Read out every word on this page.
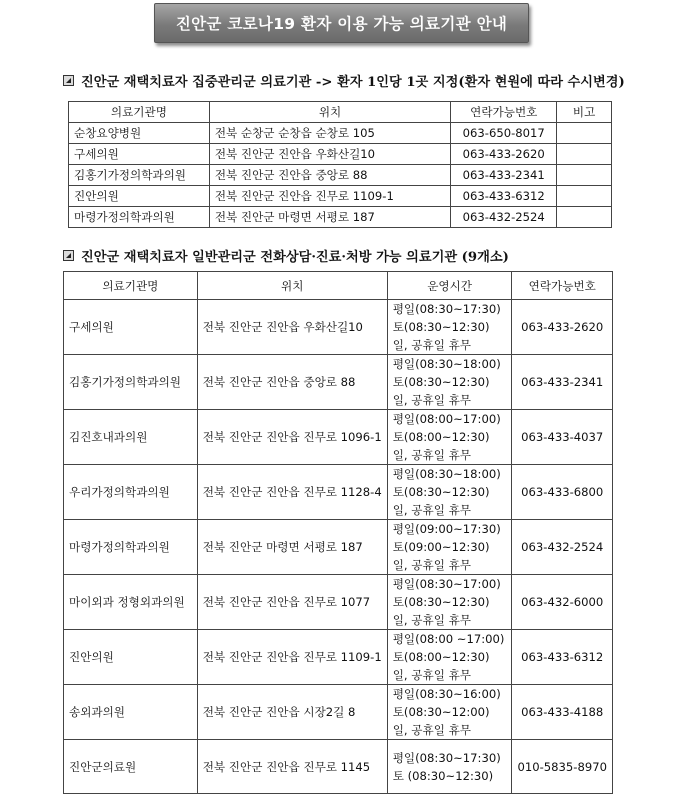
진안군 코로나19 환자 이용 가능 의료기관 안내
진안군 재택치료자 집중관리군 의료기관 -> 환자 1인당 1곳 지정(환자 현원에 따라 수시변경)
의료기관명	위치	연락가능번호	비고
순창요양병원	전북 순창군 순창읍 순창로 105	063-650-8017	
구세의원	전북 진안군 진안읍 우화산길10	063-433-2620	
김홍기가정의학과의원	전북 진안군 진안읍 중앙로 88	063-433-2341	
진안의원	전북 진안군 진안읍 진무로 1109-1	063-433-6312	
마령가정의학과의원	전북 진안군 마령면 서평로 187	063-432-2524	
진안군 재택치료자 일반관리군 전화상담·진료·처방 가능 의료기관 (9개소)
의료기관명	위치	운영시간	연락가능번호
구세의원	전북 진안군 진안읍 우화산길10	평일(08:30~17:30)
토(08:30~12:30)
일, 공휴일 휴무	063-433-2620
김홍기가정의학과의원	전북 진안군 진안읍 중앙로 88	평일(08:30~18:00)
토(08:30~12:30)
일, 공휴일 휴무	063-433-2341
김진호내과의원	전북 진안군 진안읍 진무로 1096-1	평일(08:00~17:00)
토(08:00~12:30)
일, 공휴일 휴무	063-433-4037
우리가정의학과의원	전북 진안군 진안읍 진무로 1128-4	평일(08:30~18:00)
토(08:30~12:30)
일, 공휴일 휴무	063-433-6800
마령가정의학과의원	전북 진안군 마령면 서평로 187	평일(09:00~17:30)
토(09:00~12:30)
일, 공휴일 휴무	063-432-2524
마이외과 정형외과의원	전북 진안군 진안읍 진무로 1077	평일(08:30~17:00)
토(08:30~12:30)
일, 공휴일 휴무	063-432-6000
진안의원	전북 진안군 진안읍 진무로 1109-1	평일(08:00 ~17:00)
토(08:00~12:30)
일, 공휴일 휴무	063-433-6312
송외과의원	전북 진안군 진안읍 시장2길 8	평일(08:30~16:00)
토(08:30~12:00)
일, 공휴일 휴무	063-433-4188
진안군의료원	전북 진안군 진안읍 진무로 1145	평일(08:30~17:30)
토 (08:30~12:30)	010-5835-8970
